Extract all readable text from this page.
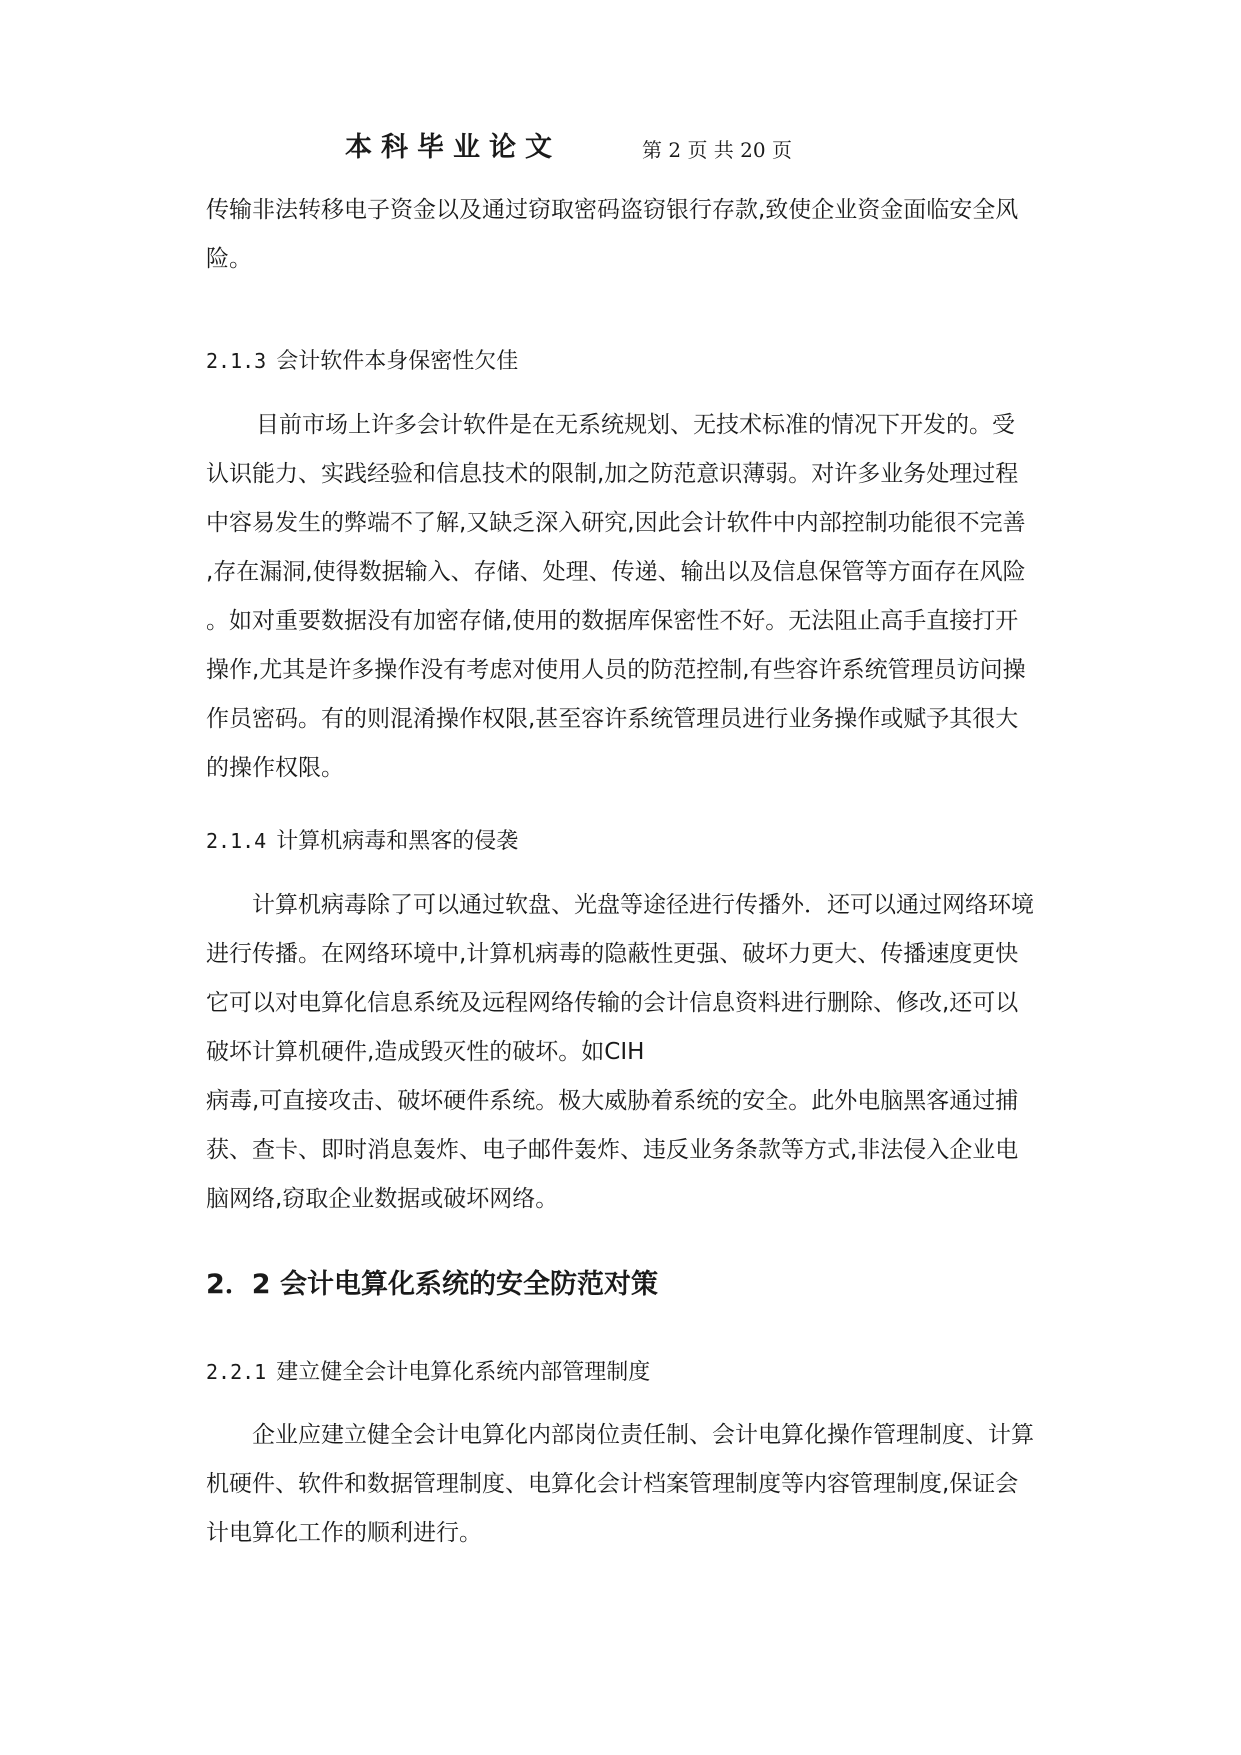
本科毕业论文	第 2 页 共 20 页

传输非法转移电子资金以及通过窃取密码盗窃银行存款,致使企业资金面临安全风
险。

2.1.3 会计软件本身保密性欠佳

目前市场上许多会计软件是在无系统规划、无技术标准的情况下开发的。受
认识能力、实践经验和信息技术的限制,加之防范意识薄弱。对许多业务处理过程
中容易发生的弊端不了解,又缺乏深入研究,因此会计软件中内部控制功能很不完善
,存在漏洞,使得数据输入、存储、处理、传递、输出以及信息保管等方面存在风险
。如对重要数据没有加密存储,使用的数据库保密性不好。无法阻止高手直接打开
操作,尤其是许多操作没有考虑对使用人员的防范控制,有些容许系统管理员访问操
作员密码。有的则混淆操作权限,甚至容许系统管理员进行业务操作或赋予其很大
的操作权限。

2.1.4 计算机病毒和黑客的侵袭

计算机病毒除了可以通过软盘、光盘等途径进行传播外．还可以通过网络环境
进行传播。在网络环境中,计算机病毒的隐蔽性更强、破坏力更大、传播速度更快
它可以对电算化信息系统及远程网络传输的会计信息资料进行删除、修改,还可以
破坏计算机硬件,造成毁灭性的破坏。如CIH
病毒,可直接攻击、破坏硬件系统。极大威胁着系统的安全。此外电脑黑客通过捕
获、查卡、即时消息轰炸、电子邮件轰炸、违反业务条款等方式,非法侵入企业电
脑网络,窃取企业数据或破坏网络。

2．2 会计电算化系统的安全防范对策
2.2.1 建立健全会计电算化系统内部管理制度

企业应建立健全会计电算化内部岗位责任制、会计电算化操作管理制度、计算
机硬件、软件和数据管理制度、电算化会计档案管理制度等内容管理制度,保证会
计电算化工作的顺利进行。
